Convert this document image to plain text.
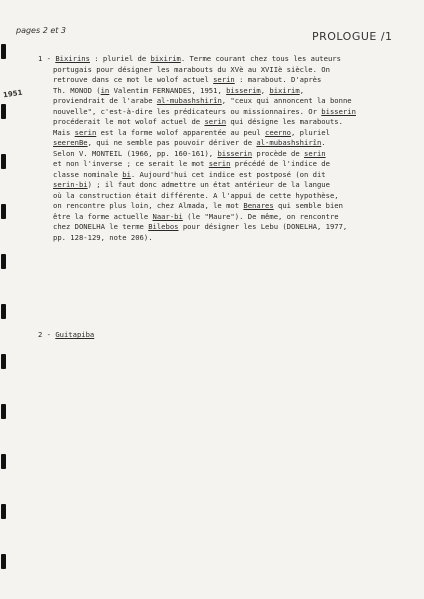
pages 2 et 3	PROLOGUE /1
1951
1 - Bixirins : pluriel de bixirim. Terme courant chez tous les auteurs
portugais pour désigner les marabouts du XVè au XVIIè siècle. On
retrouve dans ce mot le wolof actuel serin : marabout. D'après
Th. MONOD (in Valentim FERNANDES, 1951, bisserim, bixirim,
proviendrait de l'arabe al-mubashshirîn, "ceux qui annoncent la bonne
nouvelle", c'est-à-dire les prédicateurs ou missionnaires. Or bisserin
procéderait le mot wolof actuel de serin qui désigne les marabouts.
Mais serin est la forme wolof apparentée au peul ceerno, pluriel
seerenBe, qui ne semble pas pouvoir dériver de al-mubashshirîn.
Selon V. MONTEIL (1966, pp. 160-161), bisserin procède de serin
et non l'inverse ; ce serait le mot serin précédé de l'indice de
classe nominale bi. Aujourd'hui cet indice est postposé (on dit
serin-bi) ; il faut donc admettre un état antérieur de la langue
où la construction était différente. A l'appui de cette hypothèse,
on rencontre plus loin, chez Almada, le mot Benares qui semble bien
être la forme actuelle Naar-bi (le "Maure"). De même, on rencontre
chez DONELHA le terme Bilebos pour désigner les Lebu (DONELHA, 1977,
pp. 128-129, note 206).
2 - Guitapiba
